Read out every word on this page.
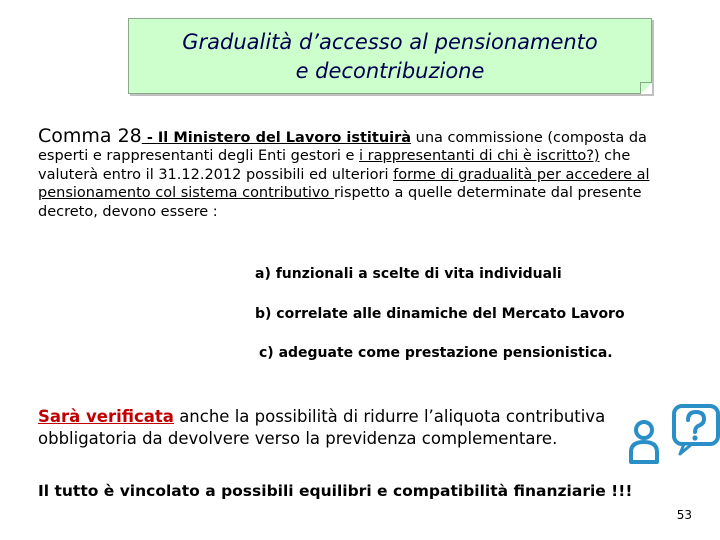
Gradualità d’accesso al pensionamento
e decontribuzione
Comma 28 - Il Ministero del Lavoro istituirà una commissione (composta da esperti e rappresentanti degli Enti gestori e i rappresentanti di chi è iscritto?) che valuterà entro il 31.12.2012 possibili ed ulteriori forme di gradualità per accedere al pensionamento col sistema contributivo rispetto a quelle determinate dal presente decreto, devono essere :
a) funzionali a scelte di vita individuali
b) correlate alle dinamiche del Mercato Lavoro
c) adeguate come prestazione pensionistica.
Sarà verificata anche la possibilità di ridurre l’aliquota contributiva obbligatoria da devolvere verso la previdenza complementare.
Il tutto è vincolato a possibili equilibri e compatibilità finanziarie !!!
53
